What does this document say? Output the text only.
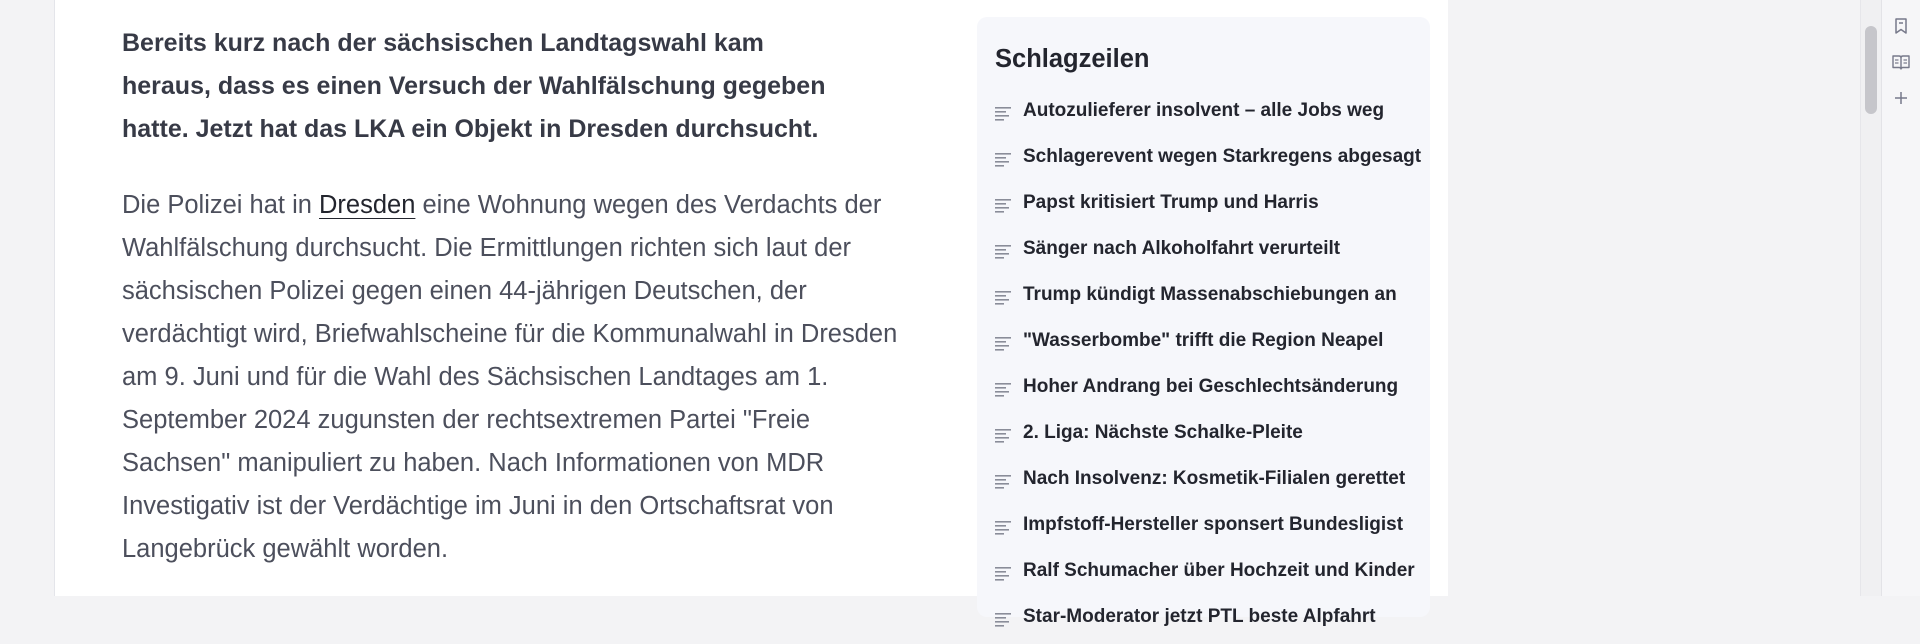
Bereits kurz nach der sächsischen Landtagswahl kam heraus, dass es einen Versuch der Wahlfälschung gegeben hatte. Jetzt hat das LKA ein Objekt in Dresden durchsucht.

Die Polizei hat in Dresden eine Wohnung wegen des Verdachts der Wahlfälschung durchsucht. Die Ermittlungen richten sich laut der sächsischen Polizei gegen einen 44-jährigen Deutschen, der verdächtigt wird, Briefwahlscheine für die Kommunalwahl in Dresden am 9. Juni und für die Wahl des Sächsischen Landtages am 1. September 2024 zugunsten der rechtsextremen Partei "Freie Sachsen" manipuliert zu haben. Nach Informationen von MDR Investigativ ist der Verdächtige im Juni in den Ortschaftsrat von Langebrück gewählt worden.

Schlagzeilen
Autozulieferer insolvent – alle Jobs weg
Schlagerevent wegen Starkregens abgesagt
Papst kritisiert Trump und Harris
Sänger nach Alkoholfahrt verurteilt
Trump kündigt Massenabschiebungen an
"Wasserbombe" trifft die Region Neapel
Hoher Andrang bei Geschlechtsänderung
2. Liga: Nächste Schalke-Pleite
Nach Insolvenz: Kosmetik-Filialen gerettet
Impfstoff-Hersteller sponsert Bundesligist
Ralf Schumacher über Hochzeit und Kinder
Star-Moderator jetzt PTL beste Alpfahrt
